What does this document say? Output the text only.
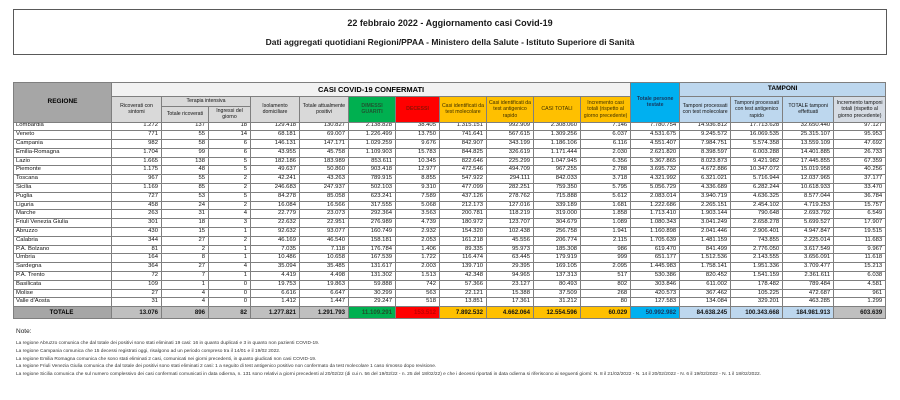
22 febbraio 2022 - Aggiornamento casi Covid-19
Dati aggregati quotidiani Regioni/PPAA - Ministero della Salute - Istituto Superiore di Sanità
REGIONE	CASI COVID-19 CONFERMATI											Totale persone testate	TAMPONI			
	Ricoverati con sintomi	Terapia intensiva		Isolamento domiciliare	Totale attualmente positivi	DIMESSI GUARITI	DECESSI	Casi identificati da test molecolare	Casi identificati da test antigenico rapido	CASI TOTALI	Incremento casi totali (rispetto al giorno precedente)		Tamponi processati con test molecolare	Tamponi processati con test antigenico rapido	TOTALE tamponi effettuati	Incremento tamponi totali (rispetto al giorno precedente)
		Totale ricoverati	Ingressi del giorno													
Lombardia	1.272	137	18	129.418	130.827	2.138.828	38.405	1.315.151	992.909	2.308.060	7.146	7.780.754	14.936.812	17.713.628	32.650.440	97.127
Veneto	771	55	14	68.181	69.007	1.226.499	13.750	741.641	567.615	1.309.256	6.037	4.531.675	9.245.572	16.069.535	25.315.107	95.953
Campania	982	58	6	146.131	147.171	1.029.259	9.676	842.907	343.199	1.186.106	6.116	4.551.407	7.984.751	5.574.358	13.559.109	47.692
Emilia-Romagna	1.704	99	6	43.955	45.758	1.109.903	15.783	844.825	326.619	1.171.444	2.030	2.621.820	8.398.597	6.003.288	14.401.885	26.733
Lazio	1.665	138	5	182.186	183.989	853.611	10.345	822.646	225.299	1.047.945	6.356	5.367.865	8.023.873	9.421.982	17.445.855	67.359
Piemonte	1.175	48	5	49.637	50.860	903.418	12.977	472.546	494.709	967.255	2.788	3.695.732	4.672.886	10.347.072	15.019.958	40.256
Toscana	967	55	2	42.241	43.263	789.915	8.855	547.922	294.111	842.033	3.718	4.321.992	6.321.021	5.716.944	12.037.965	37.177
Sicilia	1.169	85	2	246.683	247.937	502.103	9.310	477.099	282.251	759.350	5.795	5.056.729	4.336.689	6.282.244	10.618.933	33.470
Puglia	727	53	5	84.278	85.058	623.241	7.589	437.126	278.762	715.888	5.612	2.083.014	3.940.719	4.636.325	8.577.044	36.784
Liguria	458	24	2	16.084	16.566	317.555	5.068	212.173	127.016	339.189	1.681	1.222.686	2.265.151	2.454.102	4.719.253	15.757
Marche	263	31	4	22.779	23.073	292.364	3.563	200.781	118.219	319.000	1.858	1.713.410	1.903.144	790.648	2.693.792	6.549
Friuli Venezia Giulia	301	18	3	22.632	22.951	276.989	4.739	180.972	123.707	304.679	1.089	1.080.343	3.041.249	2.658.278	5.699.527	17.907
Abruzzo	430	15	1	92.632	93.077	160.749	2.932	154.320	102.438	256.758	1.941	1.160.898	2.041.446	2.906.401	4.947.847	19.515
Calabria	344	27	2	46.169	46.540	158.181	2.053	161.218	45.556	206.774	2.115	1.705.639	1.481.159	743.855	2.225.014	11.683
P.A. Bolzano	81	2	1	7.035	7.118	176.784	1.406	89.335	95.973	185.308	986	619.470	841.499	2.776.050	3.617.549	9.967
Umbria	164	8	1	10.486	10.658	167.539	1.722	116.474	63.445	179.919	999	651.177	1.512.536	2.143.555	3.656.091	11.618
Sardegna	364	27	4	35.094	35.485	131.617	2.003	139.710	29.395	169.105	2.095	1.445.983	1.758.141	1.951.336	3.709.477	15.213
P.A. Trento	72	7	1	4.419	4.498	131.302	1.513	42.348	94.965	137.313	517	530.386	820.452	1.541.159	2.361.611	6.038
Basilicata	109	1	0	19.753	19.863	59.888	742	57.366	23.127	80.493	802	303.846	611.002	178.482	789.484	4.581
Molise	27	4	0	6.616	6.647	30.299	563	22.121	15.388	37.509	268	420.573	367.462	105.225	472.687	961
Valle d'Aosta	31	4	0	1.412	1.447	29.247	518	13.851	17.361	31.212	80	127.583	134.084	329.201	463.285	1.299
TOTALE	13.076	896	82	1.277.821	1.291.793	11.109.291	153.512	7.892.532	4.662.064	12.554.596	60.029	50.992.982	84.638.245	100.343.668	184.981.913	603.639
Note:
La regione Abruzzo comunica che dal totale dei positivi sono stati eliminati 19 casi: 16 in quanto duplicati e 3 in quanto non pazienti COVID-19.
La regione Campania comunica che 15 decessi registrati oggi, risalgono ad un periodo compreso tra il 14/01 e il 19/02 2022.
La regione Emilia Romagna comunica che sono stati eliminati 2 casi, comunicati nei giorni precedenti, in quanto giudicati non casi COVID-19.
La regione Friuli Venezia Giulia comunica che dal totale dei positivi sono stati eliminati 2 casi: 1 a seguito di test antigenico positivo non confermato da test molecolare 1 caso rimosso dopo revisione.
La regione Sicilia comunica che sul numero complessivo dei casi confermati comunicati in data odierna, n. 131 sono relativi a giorni precedenti al 20/02/22 (di cui n. 56 del 19/02/22 - n. 25 del 18/02/22) e che i decessi riportati in data odierna si riferiscono ai seguenti giorni: N. 8 il 21/02/2022 - N. 14 il 20/02/2022 - N. 6 il 19/02/2022 - N. 1 il 18/02/2022.
